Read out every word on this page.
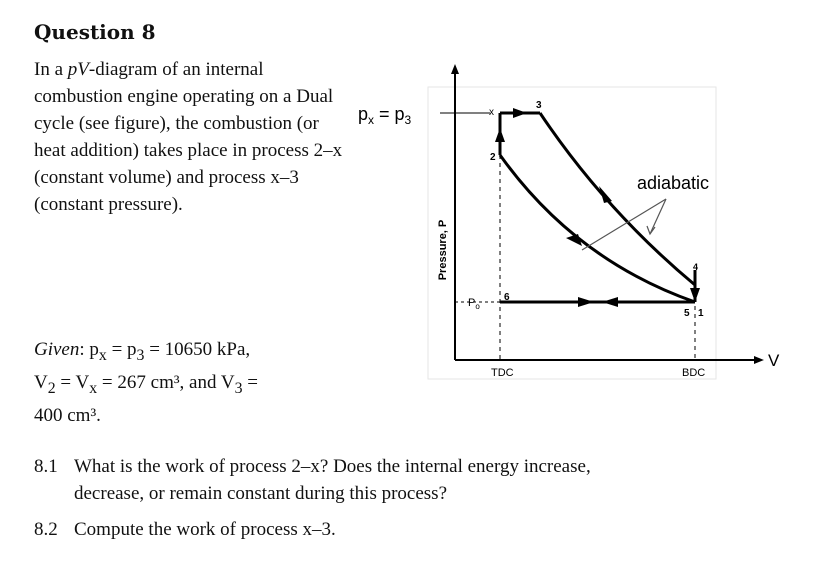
Question 8

In a pV-diagram of an internal combustion engine operating on a Dual cycle (see figure), the combustion (or heat addition) takes place in process 2–x (constant volume) and process x–3 (constant pressure).

Given: $p_x = p_3 = 10650$ kPa,
$V_2 = V_x = 267$ cm³, and $V_3$ =
400 cm³.

$p_x = p_3$
Pressure, P
V
adiabatic
TDC	BDC
$P_o$
x
3
2
4
6
5 1
8.1 What is the work of process 2–x? Does the internal energy increase,
decrease, or remain constant during this process?
8.2 Compute the work of process x–3.
